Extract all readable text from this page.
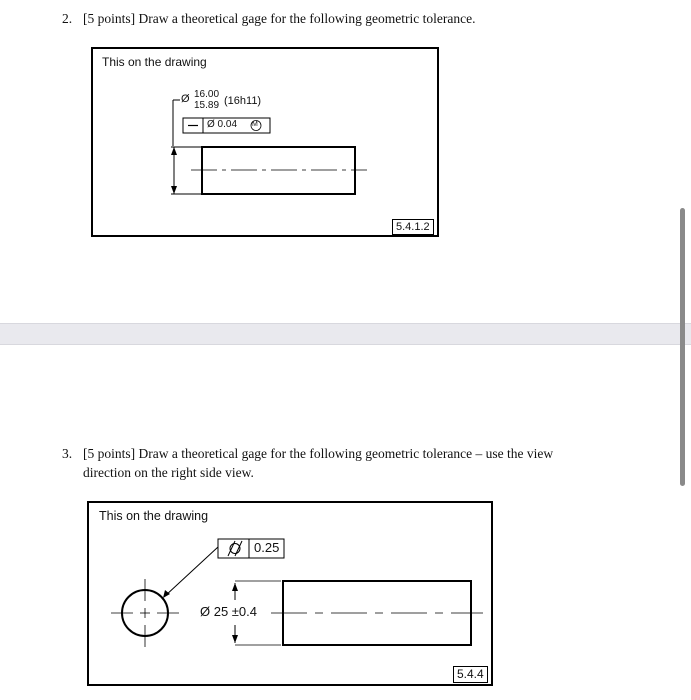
2. [5 points] Draw a theoretical gage for the following geometric tolerance.
This on the drawing
Ø 16.00
15.89 (16h11)
Ø 0.04 M
5.4.1.2
3. [5 points] Draw a theoretical gage for the following geometric tolerance – use the view
direction on the right side view.
This on the drawing
0.25
Ø 25 ±0.4
5.4.4
